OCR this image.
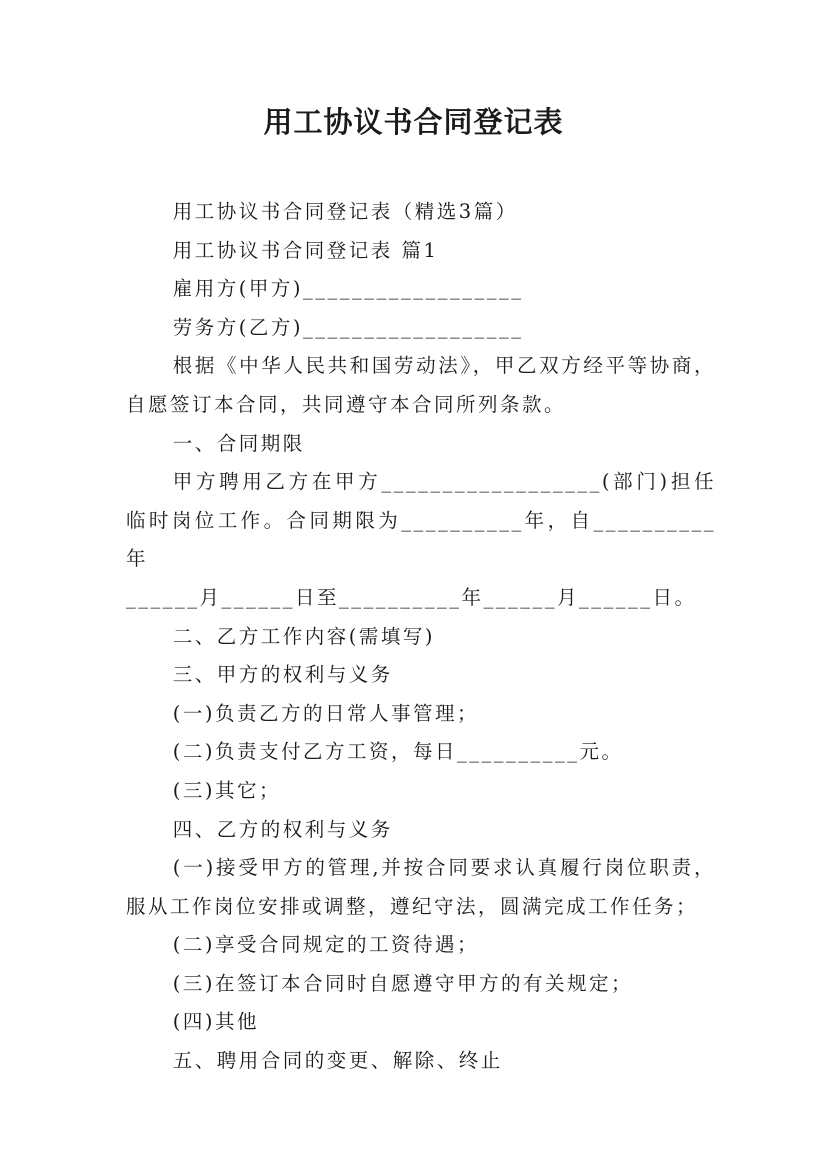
用工协议书合同登记表

用工协议书合同登记表（精选3篇）

用工协议书合同登记表 篇1

雇用方(甲方)__________________

劳务方(乙方)__________________

根据《中华人民共和国劳动法》，甲乙双方经平等协商，自愿签订本合同，共同遵守本合同所列条款。

一、合同期限

甲方聘用乙方在甲方__________________(部门)担任临时岗位工作。合同期限为__________年，自__________年

______月______日至__________年______月______日。

二、乙方工作内容(需填写)

三、甲方的权利与义务

(一)负责乙方的日常人事管理；

(二)负责支付乙方工资，每日__________元。

(三)其它；

四、乙方的权利与义务

(一)接受甲方的管理,并按合同要求认真履行岗位职责，服从工作岗位安排或调整，遵纪守法，圆满完成工作任务；

(二)享受合同规定的工资待遇；

(三)在签订本合同时自愿遵守甲方的有关规定；

(四)其他

五、聘用合同的变更、解除、终止
